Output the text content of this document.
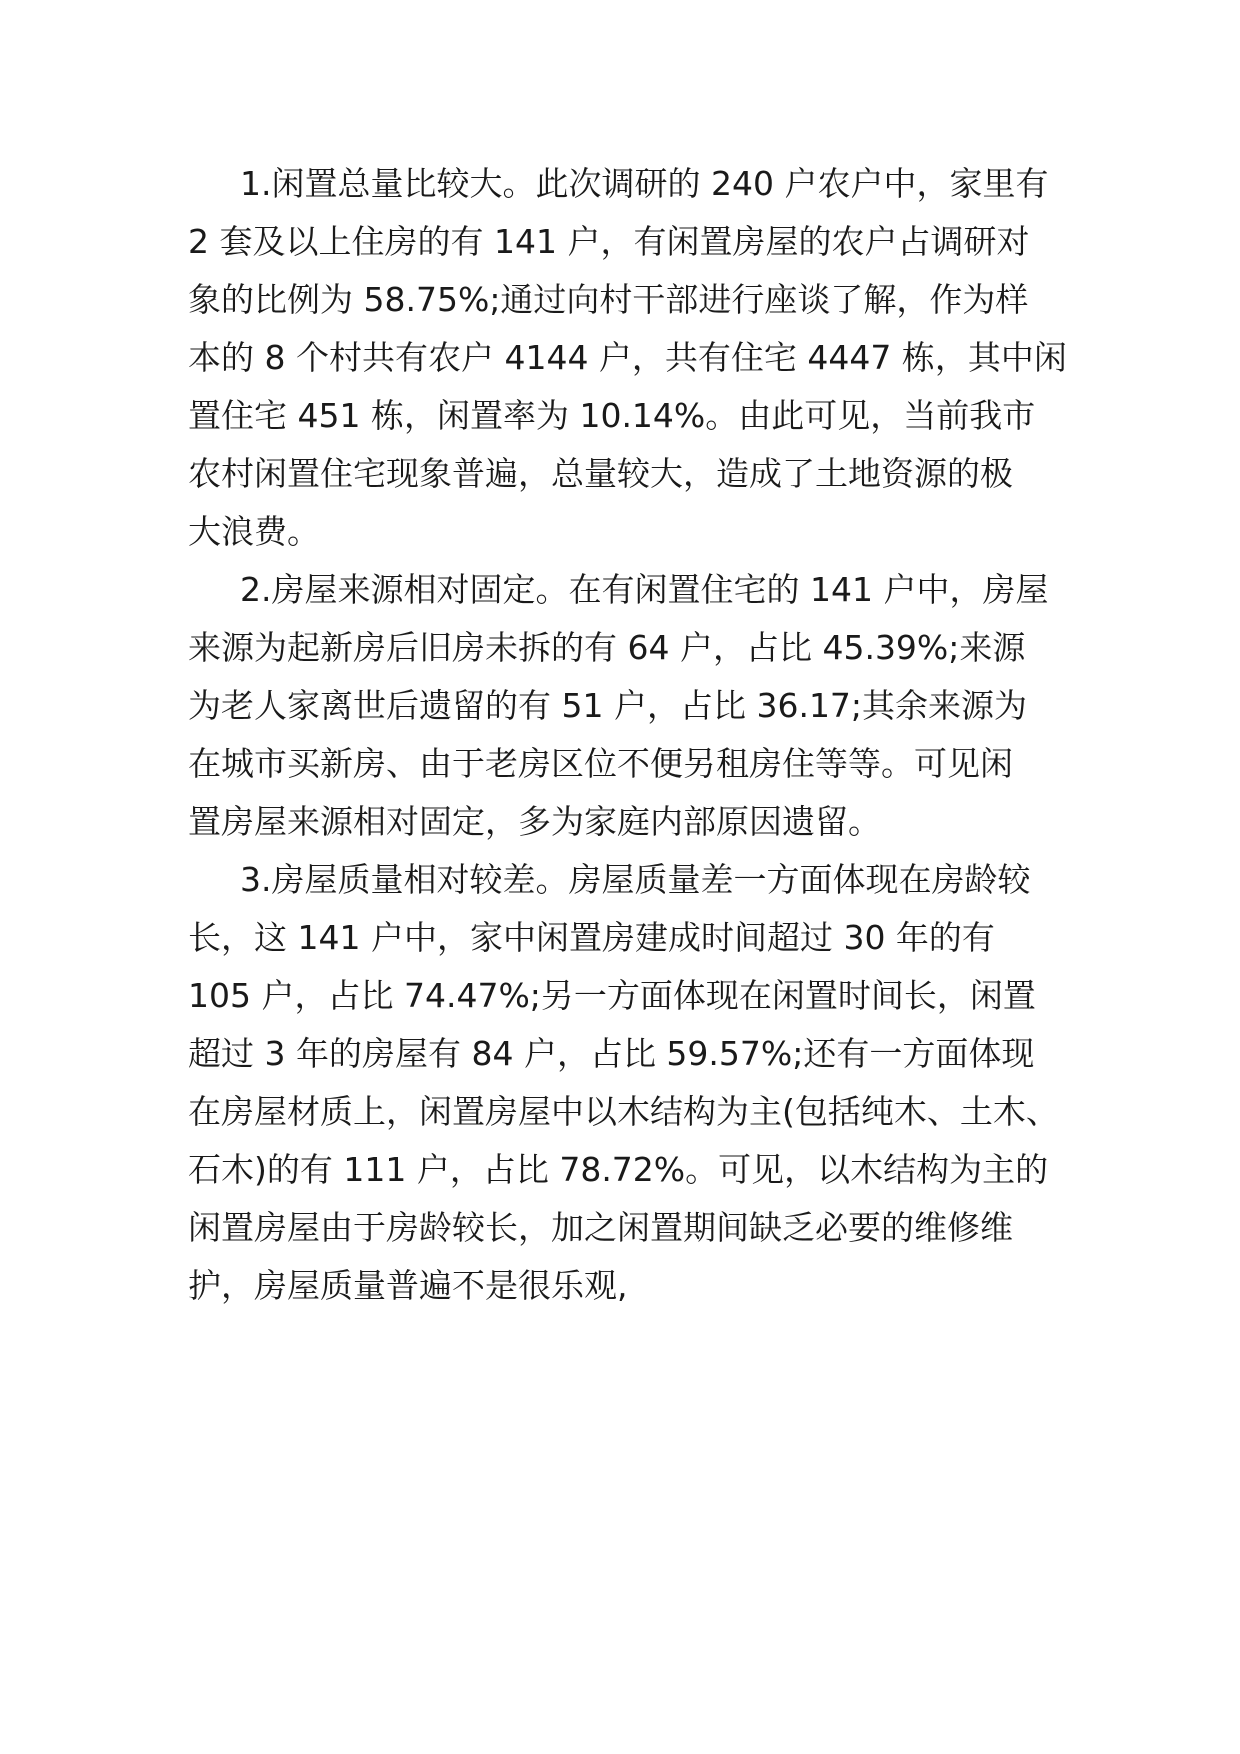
1.闲置总量比较大。此次调研的 240 户农户中，家里有
2 套及以上住房的有 141 户，有闲置房屋的农户占调研对
象的比例为 58.75%;通过向村干部进行座谈了解，作为样
本的 8 个村共有农户 4144 户，共有住宅 4447 栋，其中闲
置住宅 451 栋，闲置率为 10.14%。由此可见，当前我市
农村闲置住宅现象普遍，总量较大，造成了土地资源的极
大浪费。
2.房屋来源相对固定。在有闲置住宅的 141 户中，房屋
来源为起新房后旧房未拆的有 64 户，占比 45.39%;来源
为老人家离世后遗留的有 51 户，占比 36.17;其余来源为
在城市买新房、由于老房区位不便另租房住等等。可见闲
置房屋来源相对固定，多为家庭内部原因遗留。
3.房屋质量相对较差。房屋质量差一方面体现在房龄较
长，这 141 户中，家中闲置房建成时间超过 30 年的有
105 户，占比 74.47%;另一方面体现在闲置时间长，闲置
超过 3 年的房屋有 84 户，占比 59.57%;还有一方面体现
在房屋材质上，闲置房屋中以木结构为主(包括纯木、土木、
石木)的有 111 户，占比 78.72%。可见，以木结构为主的
闲置房屋由于房龄较长，加之闲置期间缺乏必要的维修维
护，房屋质量普遍不是很乐观,
